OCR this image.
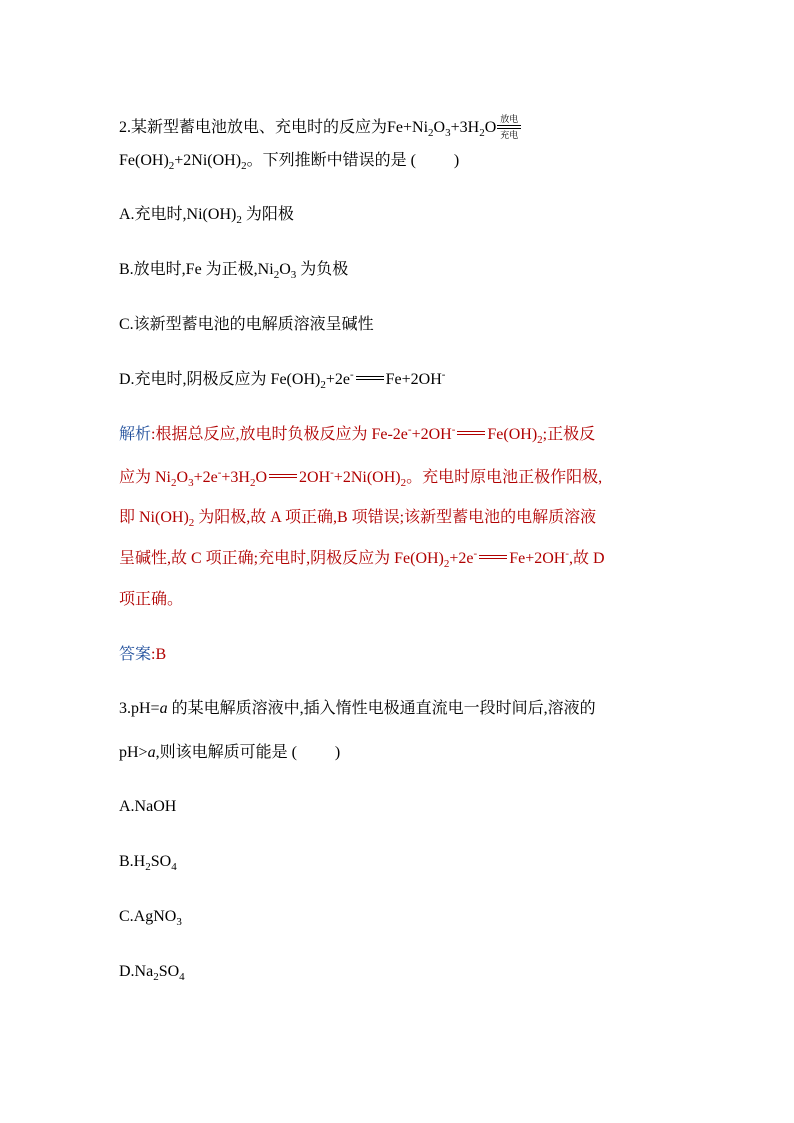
2.某新型蓄电池放电、充电时的反应为$Fe+Ni_2O_3+3H_2O$ 放电
充电
$Fe(OH)_2+2Ni(OH)_2$。下列推断中错误的是 ( )
A.充电时$,Ni(OH)_2$ 为阳极
B.放电时,Fe 为正极$,Ni_2O_3$ 为负极
C.该新型蓄电池的电解质溶液呈碱性
D.充电时,阴极反应为 $Fe(OH)_2+2e^-$ Fe+2OH-
解析:根据总反应,放电时负极反应为 Fe-2e-+2OH- $Fe(OH)_2$;正极反
应为 $Ni_2O_3+2e^-+3H_2O$ $2OH^-+2Ni(OH)_2$。充电时原电池正极作阳极,
即 $Ni(OH)_2$ 为阳极,故 A 项正确,B 项错误;该新型蓄电池的电解质溶液
呈碱性,故 C 项正确;充电时,阴极反应为 $Fe(OH)_2+2e^-$ Fe+2OH-,故 D
项正确。
答案:B
3.pH=a 的某电解质溶液中,插入惰性电极通直流电一段时间后,溶液的
pH>a,则该电解质可能是 ( )
A.NaOH
$B.H_2SO_4$
C.AgNO$_3$
$D.Na_2SO_4$
